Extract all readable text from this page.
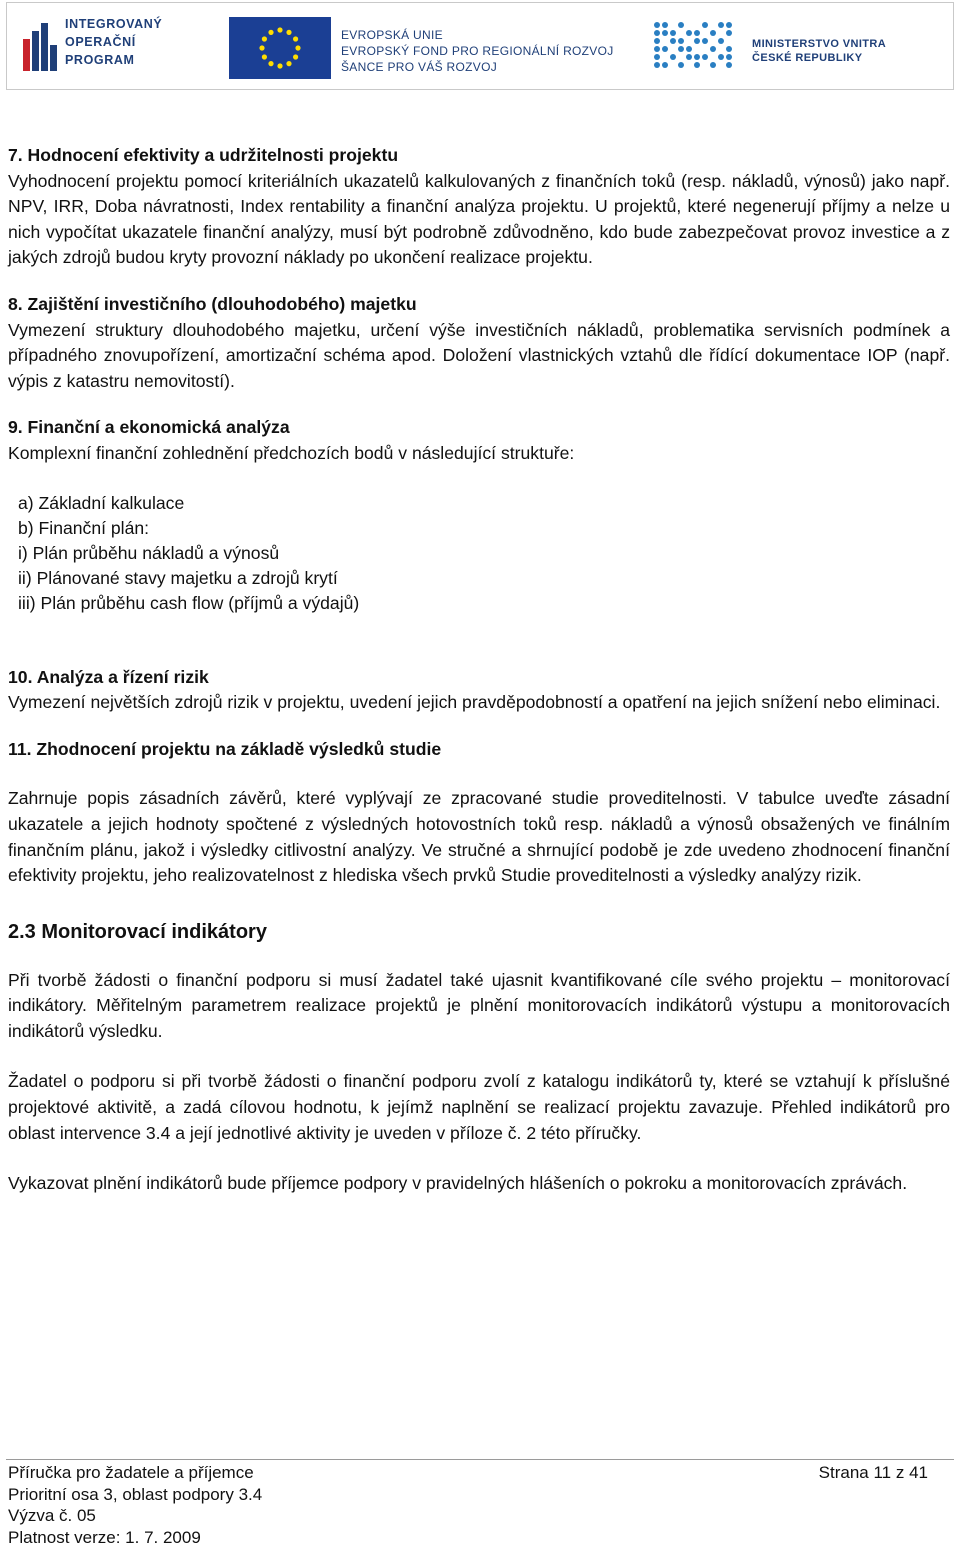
INTEGROVANÝ
OPERAČNÍ
PROGRAM
EVROPSKÁ UNIE
EVROPSKÝ FOND PRO REGIONÁLNÍ ROZVOJ
ŠANCE PRO VÁŠ ROZVOJ
MINISTERSTVO VNITRA
ČESKÉ REPUBLIKY
7. Hodnocení efektivity a udržitelnosti projektu

Vyhodnocení projektu pomocí kriteriálních ukazatelů kalkulovaných z finančních toků (resp. nákladů, výnosů) jako např. NPV, IRR, Doba návratnosti, Index rentability a finanční analýza projektu. U projektů, které negenerují příjmy a nelze u nich vypočítat ukazatele finanční analýzy, musí být podrobně zdůvodněno, kdo bude zabezpečovat provoz investice a z jakých zdrojů budou kryty provozní náklady po ukončení realizace projektu.

8. Zajištění investičního (dlouhodobého) majetku

Vymezení struktury dlouhodobého majetku, určení výše investičních nákladů, problematika servisních podmínek a případného znovupořízení, amortizační schéma apod. Doložení vlastnických vztahů dle řídící dokumentace IOP (např. výpis z katastru nemovitostí).

9. Finanční a ekonomická analýza

Komplexní finanční zohlednění předchozích bodů v následující struktuře:

a) Základní kalkulace
b) Finanční plán:
i) Plán průběhu nákladů a výnosů
ii) Plánované stavy majetku a zdrojů krytí
iii) Plán průběhu cash flow (příjmů a výdajů)
10. Analýza a řízení rizik

Vymezení největších zdrojů rizik v projektu, uvedení jejich pravděpodobností a opatření na jejich snížení nebo eliminaci.

11. Zhodnocení projektu na základě výsledků studie

Zahrnuje popis zásadních závěrů, které vyplývají ze zpracované studie proveditelnosti. V tabulce uveďte zásadní ukazatele a jejich hodnoty spočtené z výsledných hotovostních toků resp. nákladů a výnosů obsažených ve finálním finančním plánu, jakož i výsledky citlivostní analýzy. Ve stručné a shrnující podobě je zde uvedeno zhodnocení finanční efektivity projektu, jeho realizovatelnost z hlediska všech prvků Studie proveditelnosti a výsledky analýzy rizik.

2.3 Monitorovací indikátory

Při tvorbě žádosti o finanční podporu si musí žadatel také ujasnit kvantifikované cíle svého projektu – monitorovací indikátory. Měřitelným parametrem realizace projektů je plnění monitorovacích indikátorů výstupu a monitorovacích indikátorů výsledku.

Žadatel o podporu si při tvorbě žádosti o finanční podporu zvolí z katalogu indikátorů ty, které se vztahují k příslušné projektové aktivitě, a zadá cílovou hodnotu, k jejímž naplnění se realizací projektu zavazuje. Přehled indikátorů pro oblast intervence 3.4 a její jednotlivé aktivity je uveden v příloze č. 2 této příručky.

Vykazovat plnění indikátorů bude příjemce podpory v pravidelných hlášeních o pokroku a monitorovacích zprávách.

Příručka pro žadatele a příjemce	Strana 11 z 41
Prioritní osa 3, oblast podpory 3.4
Výzva č. 05
Platnost verze: 1. 7. 2009
